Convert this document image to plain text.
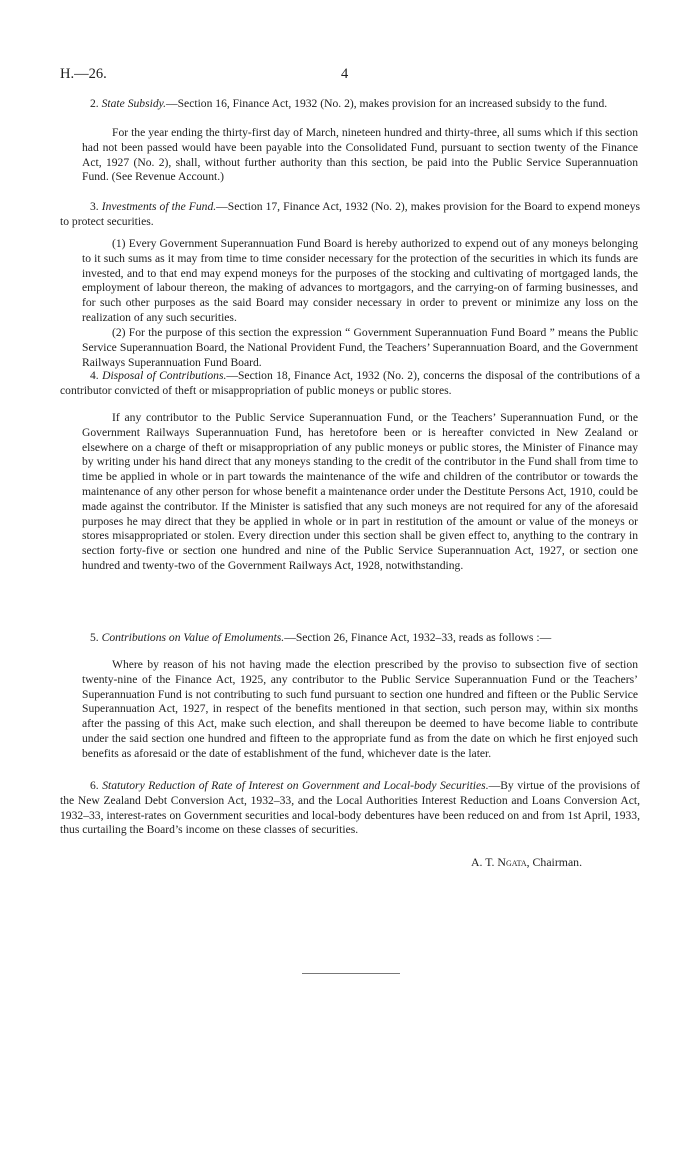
H.—26.	4

2. State Subsidy.—Section 16, Finance Act, 1932 (No. 2), makes provision for an increased subsidy to the fund.

For the year ending the thirty-first day of March, nineteen hundred and thirty-three, all sums which if this section had not been passed would have been payable into the Consolidated Fund, pursuant to section twenty of the Finance Act, 1927 (No. 2), shall, without further authority than this section, be paid into the Public Service Superannuation Fund. (See Revenue Account.)

3. Investments of the Fund.—Section 17, Finance Act, 1932 (No. 2), makes provision for the Board to expend moneys to protect securities.

(1) Every Government Superannuation Fund Board is hereby authorized to expend out of any moneys belonging to it such sums as it may from time to time consider necessary for the protection of the securities in which its funds are invested, and to that end may expend moneys for the purposes of the stocking and cultivating of mortgaged lands, the employment of labour thereon, the making of advances to mortgagors, and the carrying-on of farming businesses, and for such other purposes as the said Board may consider necessary in order to prevent or minimize any loss on the realization of any such securities.

(2) For the purpose of this section the expression “ Government Superannuation Fund Board ” means the Public Service Superannuation Board, the National Provident Fund, the Teachers’ Superannuation Board, and the Government Railways Superannuation Fund Board.

4. Disposal of Contributions.—Section 18, Finance Act, 1932 (No. 2), concerns the disposal of the contributions of a contributor convicted of theft or misappropriation of public moneys or public stores.

If any contributor to the Public Service Superannuation Fund, or the Teachers’ Superannuation Fund, or the Government Railways Superannuation Fund, has heretofore been or is hereafter convicted in New Zealand or elsewhere on a charge of theft or misappropriation of any public moneys or public stores, the Minister of Finance may by writing under his hand direct that any moneys standing to the credit of the contributor in the Fund shall from time to time be applied in whole or in part towards the maintenance of the wife and children of the contributor or towards the maintenance of any other person for whose benefit a maintenance order under the Destitute Persons Act, 1910, could be made against the contributor. If the Minister is satisfied that any such moneys are not required for any of the aforesaid purposes he may direct that they be applied in whole or in part in restitution of the amount or value of the moneys or stores misappropriated or stolen. Every direction under this section shall be given effect to, anything to the contrary in section forty-five or section one hundred and nine of the Public Service Superannuation Act, 1927, or section one hundred and twenty-two of the Government Railways Act, 1928, notwithstanding.

5. Contributions on Value of Emoluments.—Section 26, Finance Act, 1932–33, reads as follows :—

Where by reason of his not having made the election prescribed by the proviso to subsection five of section twenty-nine of the Finance Act, 1925, any contributor to the Public Service Superannuation Fund or the Teachers’ Superannuation Fund is not contributing to such fund pursuant to section one hundred and fifteen or the Public Service Superannuation Act, 1927, in respect of the benefits mentioned in that section, such person may, within six months after the passing of this Act, make such election, and shall thereupon be deemed to have become liable to contribute under the said section one hundred and fifteen to the appropriate fund as from the date on which he first enjoyed such benefits as aforesaid or the date of establishment of the fund, whichever date is the later.

6. Statutory Reduction of Rate of Interest on Government and Local-body Securities.—By virtue of the provisions of the New Zealand Debt Conversion Act, 1932–33, and the Local Authorities Interest Reduction and Loans Conversion Act, 1932–33, interest-rates on Government securities and local-body debentures have been reduced on and from 1st April, 1933, thus curtailing the Board’s income on these classes of securities.

A. T. Ngata, Chairman.
